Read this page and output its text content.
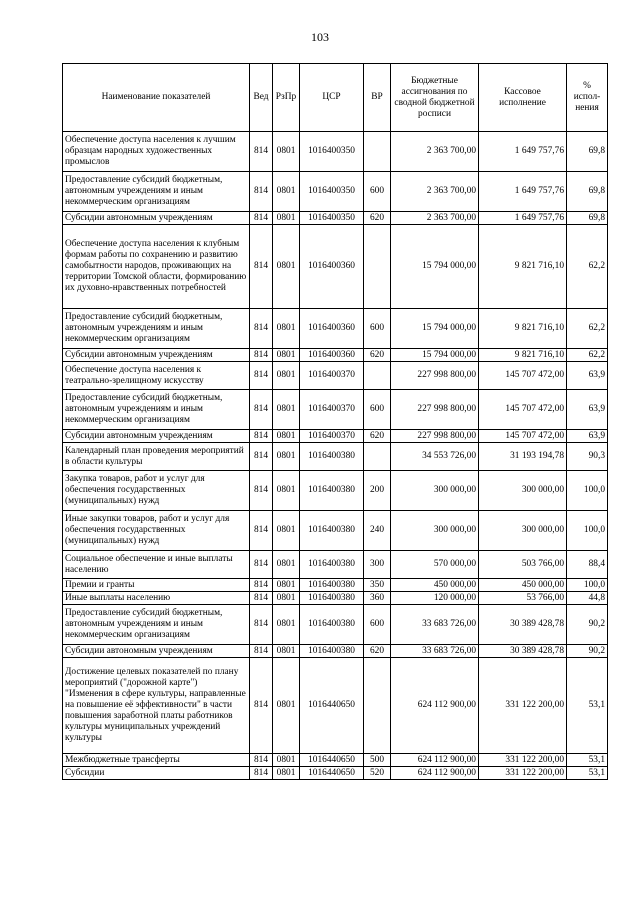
103
Наименование показателей	Вед	РзПр	ЦСР	ВР	Бюджетные ассигнования по сводной бюджетной росписи	Кассовое исполнение	% испол-нения
Обеспечение доступа населения к лучшим образцам народных художественных промыслов	814	0801	1016400350		2 363 700,00	1 649 757,76	69,8
Предоставление субсидий бюджетным, автономным учреждениям и иным некоммерческим организациям	814	0801	1016400350	600	2 363 700,00	1 649 757,76	69,8
Субсидии автономным учреждениям	814	0801	1016400350	620	2 363 700,00	1 649 757,76	69,8
Обеспечение доступа населения к клубным формам работы по сохранению и развитию самобытности народов, проживающих на территории Томской области, формированию их духовно-нравственных потребностей	814	0801	1016400360		15 794 000,00	9 821 716,10	62,2
Предоставление субсидий бюджетным, автономным учреждениям и иным некоммерческим организациям	814	0801	1016400360	600	15 794 000,00	9 821 716,10	62,2
Субсидии автономным учреждениям	814	0801	1016400360	620	15 794 000,00	9 821 716,10	62,2
Обеспечение доступа населения к театрально-зрелищному искусству	814	0801	1016400370		227 998 800,00	145 707 472,00	63,9
Предоставление субсидий бюджетным, автономным учреждениям и иным некоммерческим организациям	814	0801	1016400370	600	227 998 800,00	145 707 472,00	63,9
Субсидии автономным учреждениям	814	0801	1016400370	620	227 998 800,00	145 707 472,00	63,9
Календарный план проведения мероприятий в области культуры	814	0801	1016400380		34 553 726,00	31 193 194,78	90,3
Закупка товаров, работ и услуг для обеспечения государственных (муниципальных) нужд	814	0801	1016400380	200	300 000,00	300 000,00	100,0
Иные закупки товаров, работ и услуг для обеспечения государственных (муниципальных) нужд	814	0801	1016400380	240	300 000,00	300 000,00	100,0
Социальное обеспечение и иные выплаты населению	814	0801	1016400380	300	570 000,00	503 766,00	88,4
Премии и гранты	814	0801	1016400380	350	450 000,00	450 000,00	100,0
Иные выплаты населению	814	0801	1016400380	360	120 000,00	53 766,00	44,8
Предоставление субсидий бюджетным, автономным учреждениям и иным некоммерческим организациям	814	0801	1016400380	600	33 683 726,00	30 389 428,78	90,2
Субсидии автономным учреждениям	814	0801	1016400380	620	33 683 726,00	30 389 428,78	90,2
Достижение целевых показателей по плану мероприятий ("дорожной карте") "Изменения в сфере культуры, направленные на повышение её эффективности" в части повышения заработной платы работников культуры муниципальных учреждений культуры	814	0801	1016440650		624 112 900,00	331 122 200,00	53,1
Межбюджетные трансферты	814	0801	1016440650	500	624 112 900,00	331 122 200,00	53,1
Субсидии	814	0801	1016440650	520	624 112 900,00	331 122 200,00	53,1
